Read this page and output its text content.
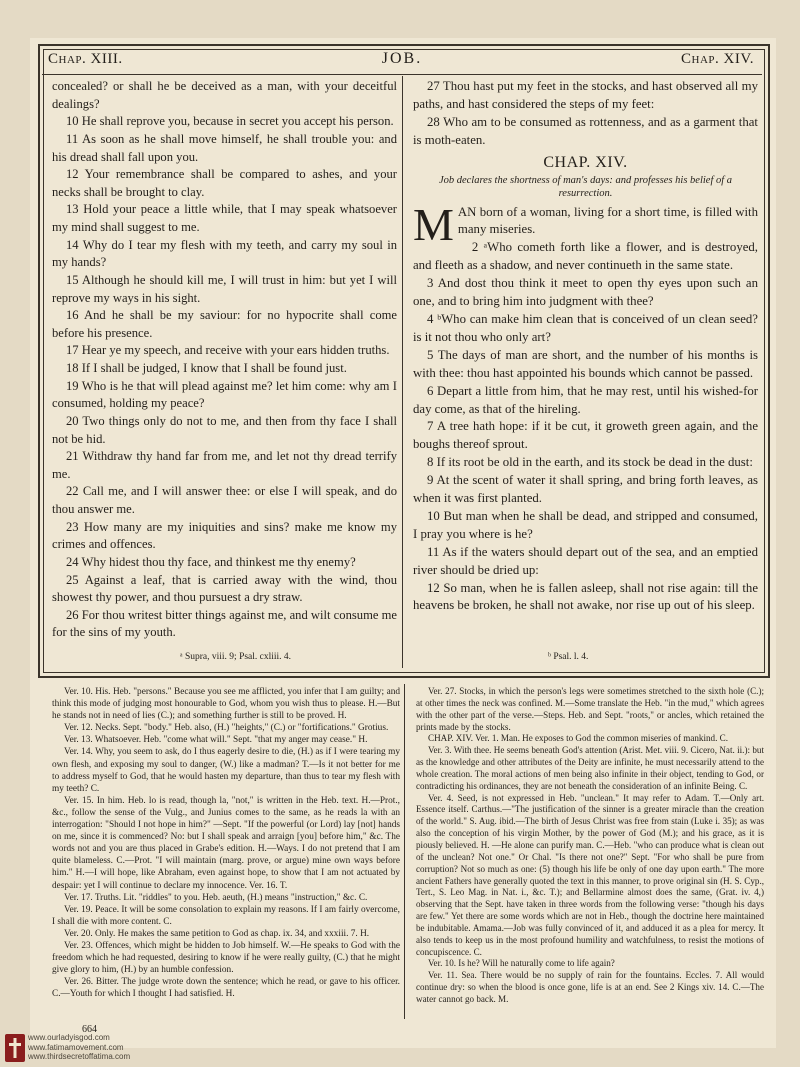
Chap. XIII.	JOB.	Chap. XIV.

concealed? or shall he be deceived as a man, with your deceitful dealings?

10 He shall reprove you, because in secret you accept his person.

11 As soon as he shall move himself, he shall trouble you: and his dread shall fall upon you.

12 Your remembrance shall be compared to ashes, and your necks shall be brought to clay.

13 Hold your peace a little while, that I may speak whatsoever my mind shall suggest to me.

14 Why do I tear my flesh with my teeth, and carry my soul in my hands?

15 Although he should kill me, I will trust in him: but yet I will reprove my ways in his sight.

16 And he shall be my saviour: for no hypocrite shall come before his presence.

17 Hear ye my speech, and receive with your ears hidden truths.

18 If I shall be judged, I know that I shall be found just.

19 Who is he that will plead against me? let him come: why am I consumed, holding my peace?

20 Two things only do not to me, and then from thy face I shall not be hid.

21 Withdraw thy hand far from me, and let not thy dread terrify me.

22 Call me, and I will answer thee: or else I will speak, and do thou answer me.

23 How many are my iniquities and sins? make me know my crimes and offences.

24 Why hidest thou thy face, and thinkest me thy enemy?

25 Against a leaf, that is carried away with the wind, thou showest thy power, and thou pursuest a dry straw.

26 For thou writest bitter things against me, and wilt consume me for the sins of my youth.

27 Thou hast put my feet in the stocks, and hast observed all my paths, and hast considered the steps of my feet:

28 Who am to be consumed as rottenness, and as a garment that is moth-eaten.

CHAP. XIV.
Job declares the shortness of man's days: and professes his belief of a resurrection.

MAN born of a woman, living for a short time, is filled with many miseries.

2 ᵃWho cometh forth like a flower, and is destroyed, and fleeth as a shadow, and never continueth in the same state.

3 And dost thou think it meet to open thy eyes upon such an one, and to bring him into judgment with thee?

4 ᵇWho can make him clean that is conceived of un clean seed? is it not thou who only art?

5 The days of man are short, and the number of his months is with thee: thou hast appointed his bounds which cannot be passed.

6 Depart a little from him, that he may rest, until his wished-for day come, as that of the hireling.

7 A tree hath hope: if it be cut, it groweth green again, and the boughs thereof sprout.

8 If its root be old in the earth, and its stock be dead in the dust:

9 At the scent of water it shall spring, and bring forth leaves, as when it was first planted.

10 But man when he shall be dead, and stripped and consumed, I pray you where is he?

11 As if the waters should depart out of the sea, and an emptied river should be dried up:

12 So man, when he is fallen asleep, shall not rise again: till the heavens be broken, he shall not awake, nor rise up out of his sleep.

ᵃ Supra, viii. 9; Psal. cxliii. 4.	ᵇ Psal. l. 4.

Ver. 10. His. Heb. "persons." Because you see me afflicted, you infer that I am guilty; and think this mode of judging most honourable to God, whom you wish thus to please. H.—But he stands not in need of lies (C.); and something further is still to be proved. H.

Ver. 12. Necks. Sept. "body." Heb. also, (H.) "heights," (C.) or "fortifications." Grotius.

Ver. 13. Whatsoever. Heb. "come what will." Sept. "that my anger may cease." H.

Ver. 14. Why, you seem to ask, do I thus eagerly desire to die, (H.) as if I were tearing my own flesh, and exposing my soul to danger, (W.) like a madman? T.—Is it not better for me to address myself to God, that he would hasten my departure, than thus to tear my flesh with my teeth? C.

Ver. 15. In him. Heb. lo is read, though la, "not," is written in the Heb. text. H.—Prot., &c., follow the sense of the Vulg., and Junius comes to the same, as he reads la with an interrogation: "Should I not hope in him?" —Sept. "If the powerful (or Lord) lay [not] hands on me, since it is commenced? No: but I shall speak and arraign [you] before him," &c. The words not and you are thus placed in Grabe's edition. H.—Ways. I do not pretend that I am quite blameless. C.—Prot. "I will maintain (marg. prove, or argue) mine own ways before him." H.—I will hope, like Abraham, even against hope, to show that I am not actuated by despair: yet I will continue to declare my innocence. Ver. 16. T.

Ver. 17. Truths. Lit. "riddles" to you. Heb. aeuth, (H.) means "instruction," &c. C.

Ver. 19. Peace. It will be some consolation to explain my reasons. If I am fairly overcome, I shall die with more content. C.

Ver. 20. Only. He makes the same petition to God as chap. ix. 34, and xxxiii. 7. H.

Ver. 23. Offences, which might be hidden to Job himself. W.—He speaks to God with the freedom which he had requested, desiring to know if he were really guilty, (C.) that he might give glory to him, (H.) by an humble confession.

Ver. 26. Bitter. The judge wrote down the sentence; which he read, or gave to his officer. C.—Youth for which I thought I had satisfied. H.

Ver. 27. Stocks, in which the person's legs were sometimes stretched to the sixth hole (C.); at other times the neck was confined. M.—Some translate the Heb. "in the mud," which agrees with the other part of the verse.—Steps. Heb. and Sept. "roots," or ancles, which retained the prints made by the stocks.

CHAP. XIV. Ver. 1. Man. He exposes to God the common miseries of mankind. C.

Ver. 3. With thee. He seems beneath God's attention (Arist. Met. viii. 9. Cicero, Nat. ii.): but as the knowledge and other attributes of the Deity are infinite, he must necessarily attend to the whole creation. The moral actions of men being also infinite in their object, tending to God, or contradicting his ordinances, they are not beneath the consideration of an infinite Being. C.

Ver. 4. Seed, is not expressed in Heb. "unclean." It may refer to Adam. T.—Only art. Essence itself. Carthus.—"The justification of the sinner is a greater miracle than the creation of the world." S. Aug. ibid.—The birth of Jesus Christ was free from stain (Luke i. 35); as was also the conception of his virgin Mother, by the power of God (M.); and his grace, as it is piously believed. H. —He alone can purify man. C.—Heb. "who can produce what is clean out of the unclean? Not one." Or Chal. "Is there not one?" Sept. "For who shall be pure from corruption? Not so much as one: (5) though his life be only of one day upon earth." The more ancient Fathers have generally quoted the text in this manner, to prove original sin (H. S. Cyp., Tert., S. Leo Mag. in Nat. i., &c. T.); and Bellarmine almost does the same, (Grat. iv. 4,) observing that the Sept. have taken in three words from the following verse: "though his days are few." Yet there are some words which are not in Heb., though the doctrine here maintained be indubitable. Amama.—Job was fully convinced of it, and adduced it as a plea for mercy. It also tends to keep us in the most profound humility and watchfulness, to resist the motions of concupiscence. C.

Ver. 10. Is he? Will he naturally come to life again?

Ver. 11. Sea. There would be no supply of rain for the fountains. Eccles. 7. All would continue dry: so when the blood is once gone, life is at an end. See 2 Kings xiv. 14. C.—The water cannot go back. M.

664
www.ourladyisgod.com
www.fatimamovement.com
www.thirdsecretoffatima.com
